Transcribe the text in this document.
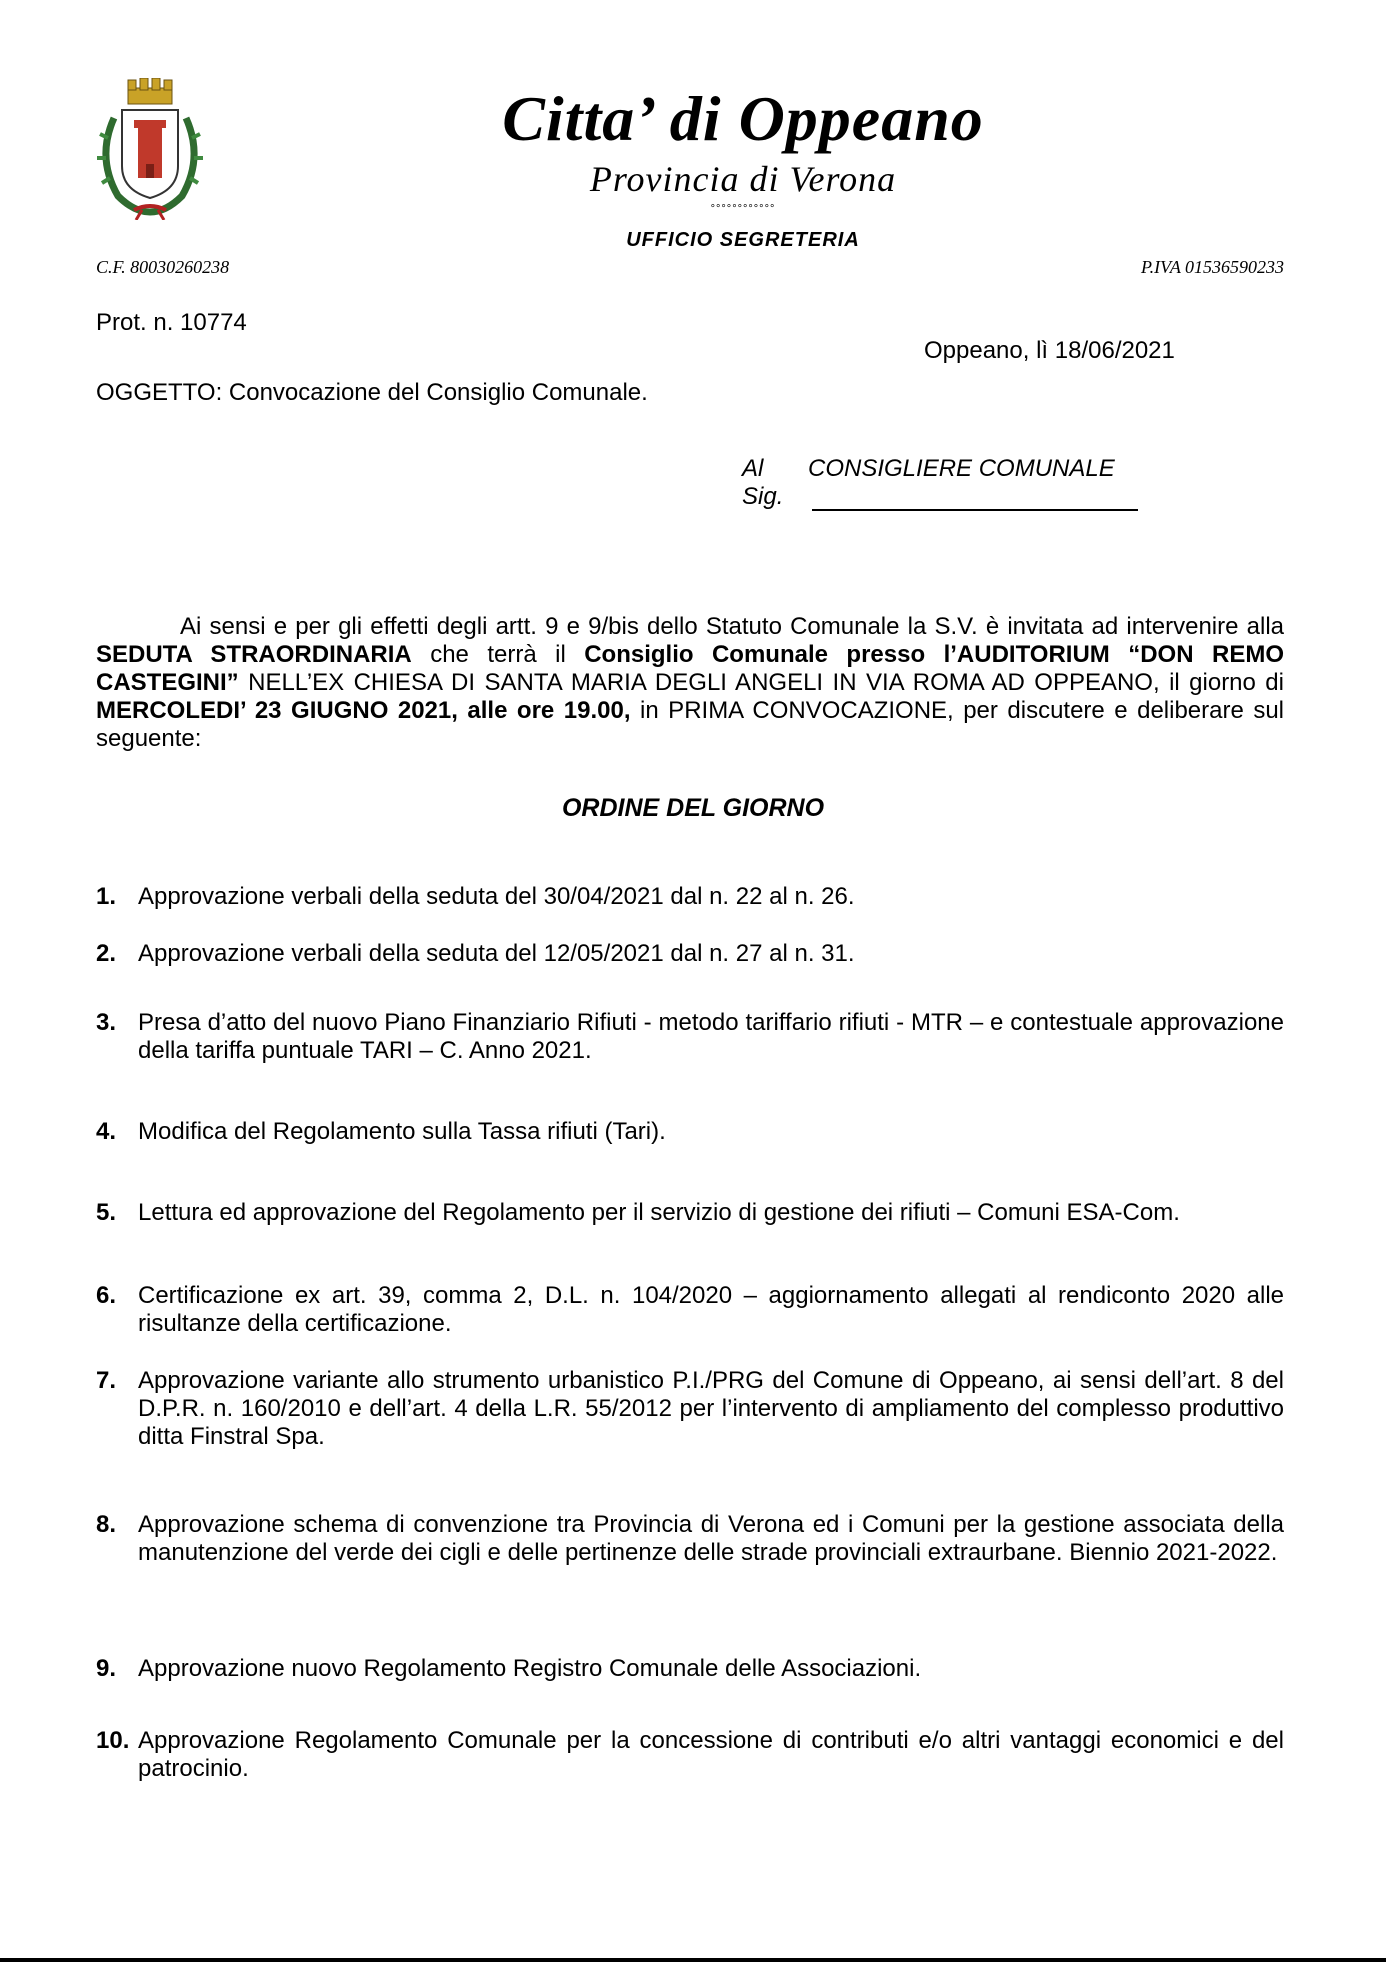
Citta’ di Oppeano
Provincia di Verona
°°°°°°°°°°°°
UFFICIO SEGRETERIA
C.F. 80030260238	P.IVA 01536590233
Prot. n. 10774
Oppeano, lì 18/06/2021
OGGETTO: Convocazione del Consiglio Comunale.
Al
Sig.
CONSIGLIERE COMUNALE
Ai sensi e per gli effetti degli artt. 9 e 9/bis dello Statuto Comunale la S.V. è invitata ad intervenire alla SEDUTA STRAORDINARIA che terrà il Consiglio Comunale presso l’AUDITORIUM “DON REMO CASTEGINI” NELL’EX CHIESA DI SANTA MARIA DEGLI ANGELI IN VIA ROMA AD OPPEANO, il giorno di MERCOLEDI’ 23 GIUGNO 2021, alle ore 19.00, in PRIMA CONVOCAZIONE, per discutere e deliberare sul seguente:
ORDINE DEL GIORNO
1. Approvazione verbali della seduta del 30/04/2021 dal n. 22 al n. 26.
2. Approvazione verbali della seduta del 12/05/2021 dal n. 27 al n. 31.
3. Presa d’atto del nuovo Piano Finanziario Rifiuti - metodo tariffario rifiuti - MTR – e contestuale approvazione della tariffa puntuale TARI – C. Anno 2021.
4. Modifica del Regolamento sulla Tassa rifiuti (Tari).
5. Lettura ed approvazione del Regolamento per il servizio di gestione dei rifiuti – Comuni ESA-Com.
6. Certificazione ex art. 39, comma 2, D.L. n. 104/2020 – aggiornamento allegati al rendiconto 2020 alle risultanze della certificazione.
7. Approvazione variante allo strumento urbanistico P.I./PRG del Comune di Oppeano, ai sensi dell’art. 8 del D.P.R. n. 160/2010 e dell’art. 4 della L.R. 55/2012 per l’intervento di ampliamento del complesso produttivo ditta Finstral Spa.
8. Approvazione schema di convenzione tra Provincia di Verona ed i Comuni per la gestione associata della manutenzione del verde dei cigli e delle pertinenze delle strade provinciali extraurbane. Biennio 2021-2022.
9. Approvazione nuovo Regolamento Registro Comunale delle Associazioni.
10. Approvazione Regolamento Comunale per la concessione di contributi e/o altri vantaggi economici e del patrocinio.
